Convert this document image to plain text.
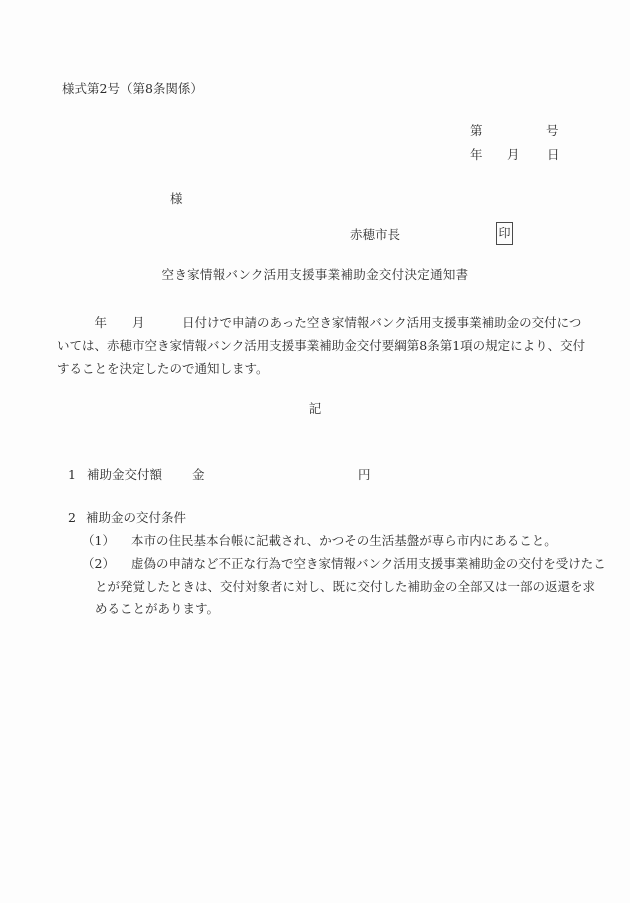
様式第2号（第8条関係）
第	号
年 月 日
様
赤穂市長	印
空き家情報バンク活用支援事業補助金交付決定通知書
　　　年　　月　　　日付けで申請のあった空き家情報バンク活用支援事業補助金の交付につ
いては、赤穂市空き家情報バンク活用支援事業補助金交付要綱第8条第1項の規定により、交付
することを決定したので通知します。
記
1 補助金交付額 金	円
2 補助金の交付条件
（1） 本市の住民基本台帳に記載され、かつその生活基盤が専ら市内にあること。
（2） 虚偽の申請など不正な行為で空き家情報バンク活用支援事業補助金の交付を受けたこ
とが発覚したときは、交付対象者に対し、既に交付した補助金の全部又は一部の返還を求
めることがあります。
